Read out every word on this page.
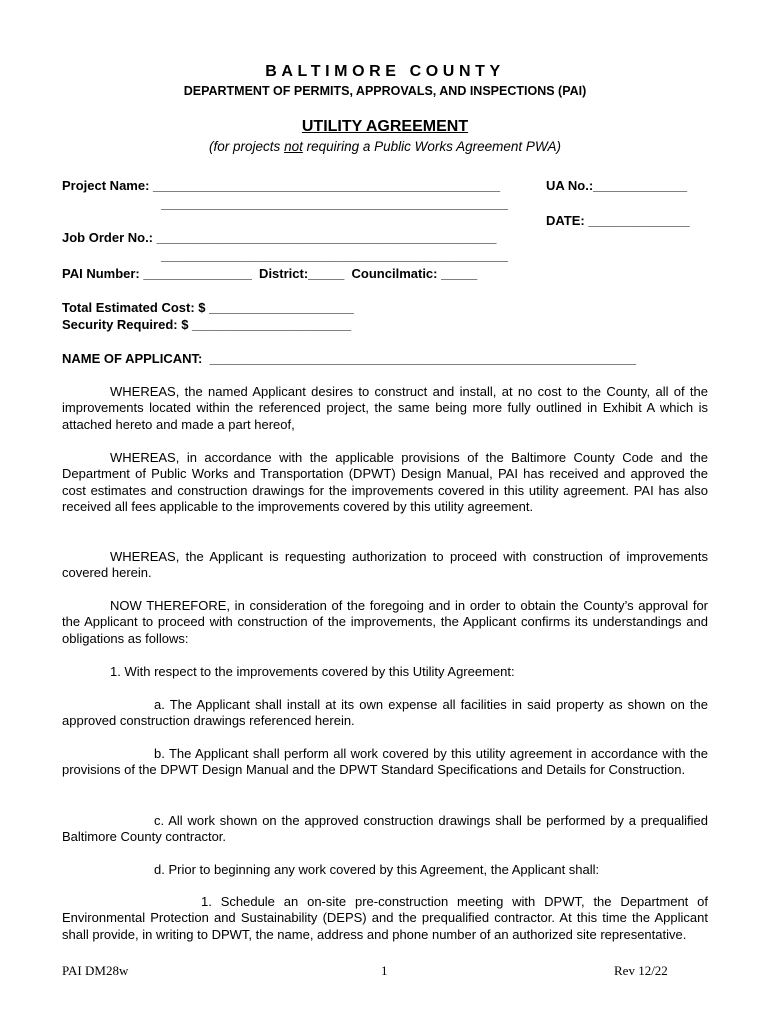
BALTIMORE COUNTY
DEPARTMENT OF PERMITS, APPROVALS, AND INSPECTIONS (PAI)
UTILITY AGREEMENT
(for projects not requiring a Public Works Agreement PWA)
Project Name: ________________________________________________
________________________________________________
UA No.:_____________
DATE: ______________
Job Order No.: _______________________________________________
________________________________________________
PAI Number: _______________  District:_____  Councilmatic: _____
Total Estimated Cost: $ ____________________
Security Required: $ ______________________
NAME OF APPLICANT:  ___________________________________________________________

WHEREAS, the named Applicant desires to construct and install, at no cost to the County, all of the improvements located within the referenced project, the same being more fully outlined in Exhibit A which is attached hereto and made a part hereof,

WHEREAS, in accordance with the applicable provisions of the Baltimore County Code and the Department of Public Works and Transportation (DPWT) Design Manual, PAI has received and approved the cost estimates and construction drawings for the improvements covered in this utility agreement. PAI has also received all fees applicable to the improvements covered by this utility agreement.

WHEREAS, the Applicant is requesting authorization to proceed with construction of improvements covered herein.

NOW THEREFORE, in consideration of the foregoing and in order to obtain the County’s approval for the Applicant to proceed with construction of the improvements, the Applicant confirms its understandings and obligations as follows:

1. With respect to the improvements covered by this Utility Agreement:

a. The Applicant shall install at its own expense all facilities in said property as shown on the approved construction drawings referenced herein.

b. The Applicant shall perform all work covered by this utility agreement in accordance with the provisions of the DPWT Design Manual and the DPWT Standard Specifications and Details for Construction.

c. All work shown on the approved construction drawings shall be performed by a prequalified Baltimore County contractor.

d. Prior to beginning any work covered by this Agreement, the Applicant shall:

1. Schedule an on-site pre-construction meeting with DPWT, the Department of Environmental Protection and Sustainability (DEPS) and the prequalified contractor. At this time the Applicant shall provide, in writing to DPWT, the name, address and phone number of an authorized site representative.

PAI DM28w	1	Rev 12/22
